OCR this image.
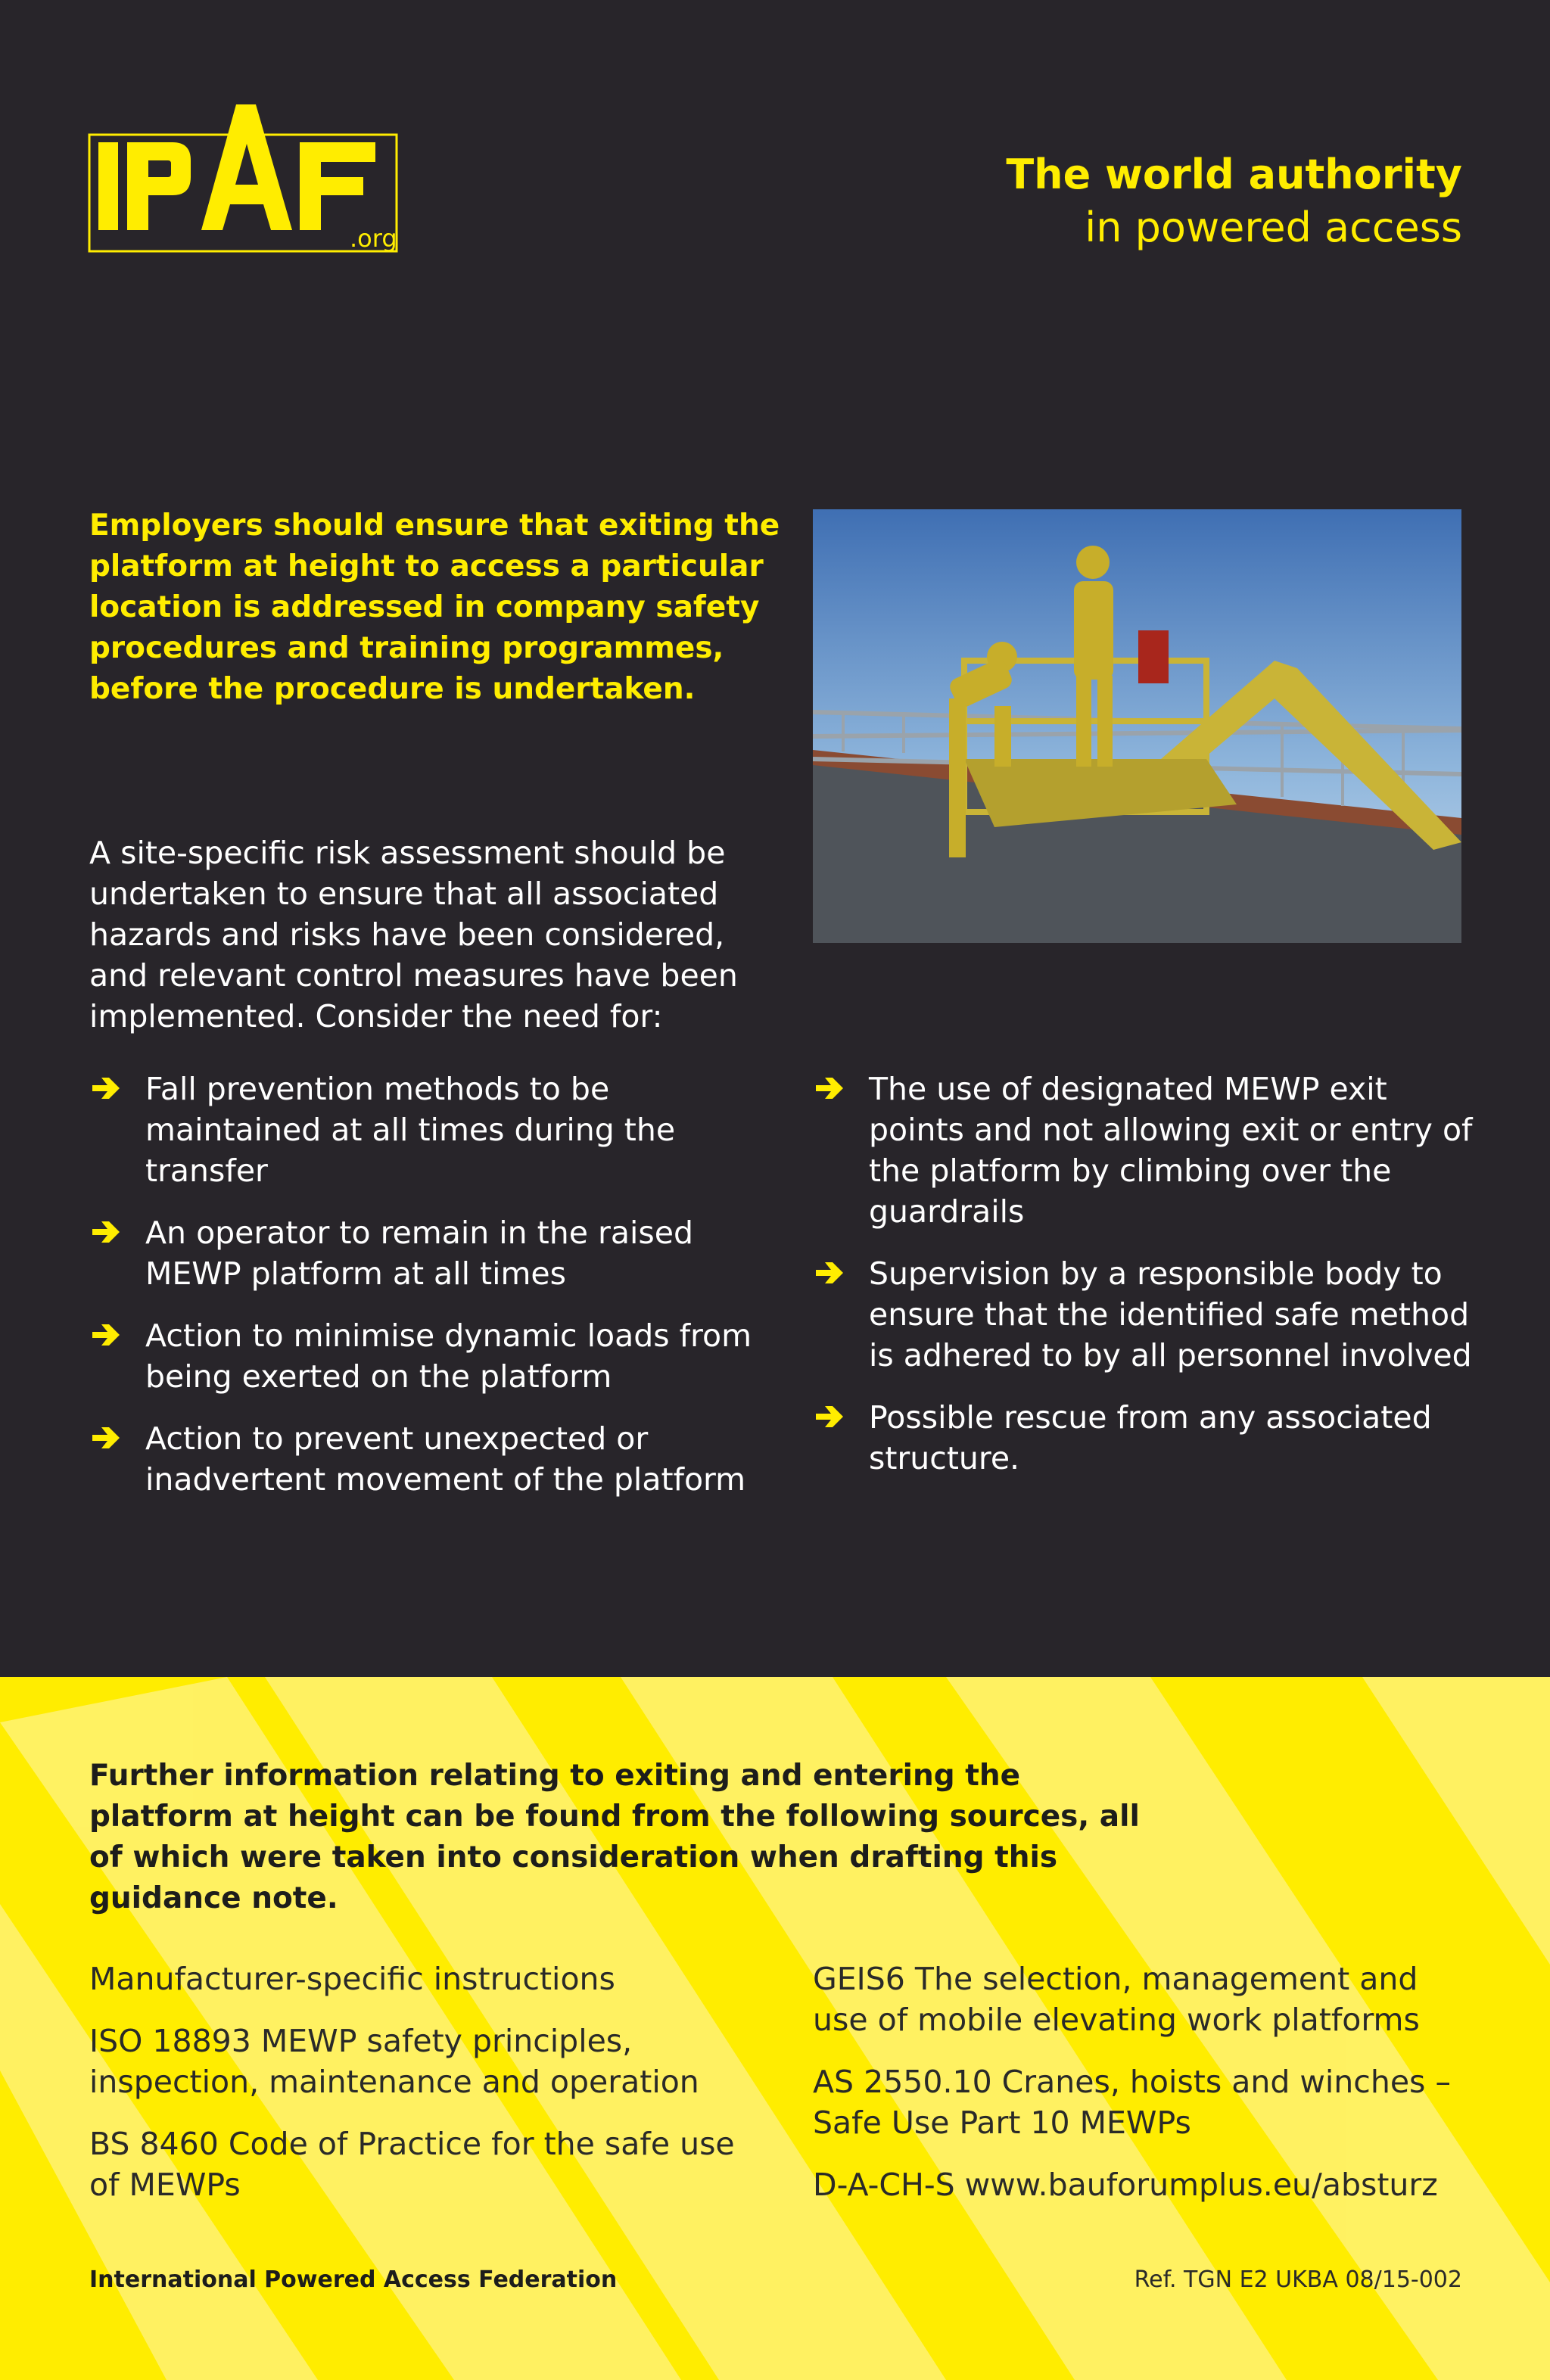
.org
The world authority
in powered access
Employers should ensure that exiting the platform at height to access a particular location is addressed in company safety procedures and training programmes, before the procedure is undertaken.
A site-specific risk assessment should be undertaken to ensure that all associated hazards and risks have been considered, and relevant control measures have been implemented. Consider the need for:
Fall prevention methods to be maintained at all times during the transfer
An operator to remain in the raised MEWP platform at all times
Action to minimise dynamic loads from being exerted on the platform
Action to prevent unexpected or inadvertent movement of the platform
The use of designated MEWP exit points and not allowing exit or entry of the platform by climbing over the guardrails
Supervision by a responsible body to ensure that the identified safe method is adhered to by all personnel involved
Possible rescue from any associated structure.
Further information relating to exiting and entering the platform at height can be found from the following sources, all of which were taken into consideration when drafting this guidance note.

Manufacturer-specific instructions

ISO 18893 MEWP safety principles, inspection, maintenance and operation

BS 8460 Code of Practice for the safe use of MEWPs

GEIS6 The selection, management and use of mobile elevating work platforms

AS 2550.10 Cranes, hoists and winches – Safe Use Part 10 MEWPs

D-A-CH-S www.bauforumplus.eu/absturz

International Powered Access Federation	Ref. TGN E2 UKBA 08/15-002
